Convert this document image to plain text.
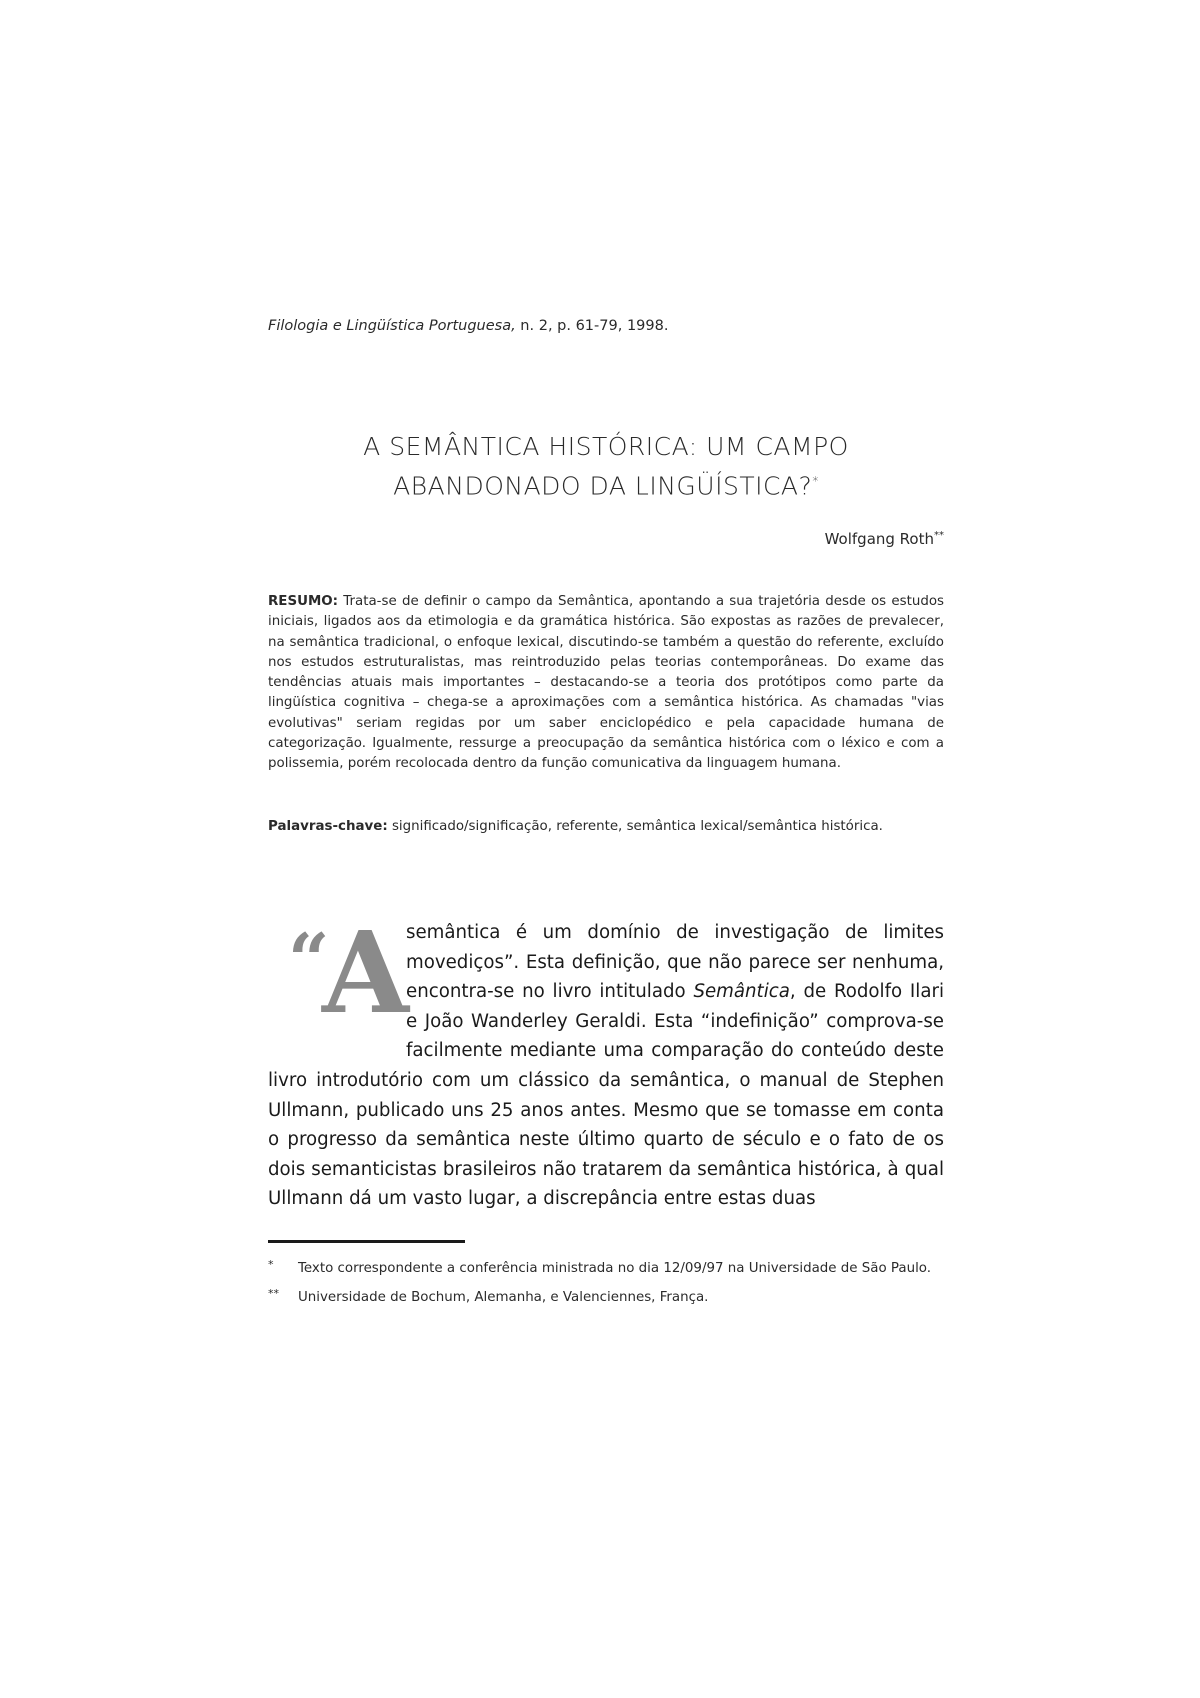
Filologia e Lingüística Portuguesa, n. 2, p. 61-79, 1998.
A SEMÂNTICA HISTÓRICA: UM CAMPO
ABANDONADO DA LINGÜÍSTICA?*
Wolfgang Roth**
RESUMO: Trata-se de definir o campo da Semântica, apontando a sua trajetória desde os estudos iniciais, ligados aos da etimologia e da gramática histórica. São expostas as razões de prevalecer, na semântica tradicional, o enfoque lexical, discutindo-se também a questão do referente, excluído nos estudos estruturalistas, mas reintroduzido pelas teorias contemporâneas. Do exame das tendências atuais mais importantes – destacando-se a teoria dos protótipos como parte da lingüística cognitiva – chega-se a aproximações com a semântica histórica. As chamadas "vias evolutivas" seriam regidas por um saber enciclopédico e pela capacidade humana de categorização. Igualmente, ressurge a preocupação da semântica histórica com o léxico e com a polissemia, porém recolocada dentro da função comunicativa da linguagem humana.
Palavras-chave: significado/significação, referente, semântica lexical/semântica histórica.
“
A
semântica é um domínio de investigação de limites movediços”. Esta definição, que não parece ser nenhuma, encontra-se no livro intitulado Semântica, de Rodolfo Ilari e João Wanderley Geraldi. Esta “indefinição” comprova-se facilmente mediante uma comparação do conteúdo deste livro introdutório com um clássico da semântica, o manual de Stephen Ullmann, publicado uns 25 anos antes. Mesmo que se tomasse em conta o progresso da semântica neste último quarto de século e o fato de os dois semanticistas brasileiros não tratarem da semântica histórica, à qual Ullmann dá um vasto lugar, a discrepância entre estas duas
*	Texto correspondente a conferência ministrada no dia 12/09/97 na Universidade de São Paulo.
**	Universidade de Bochum, Alemanha, e Valenciennes, França.
